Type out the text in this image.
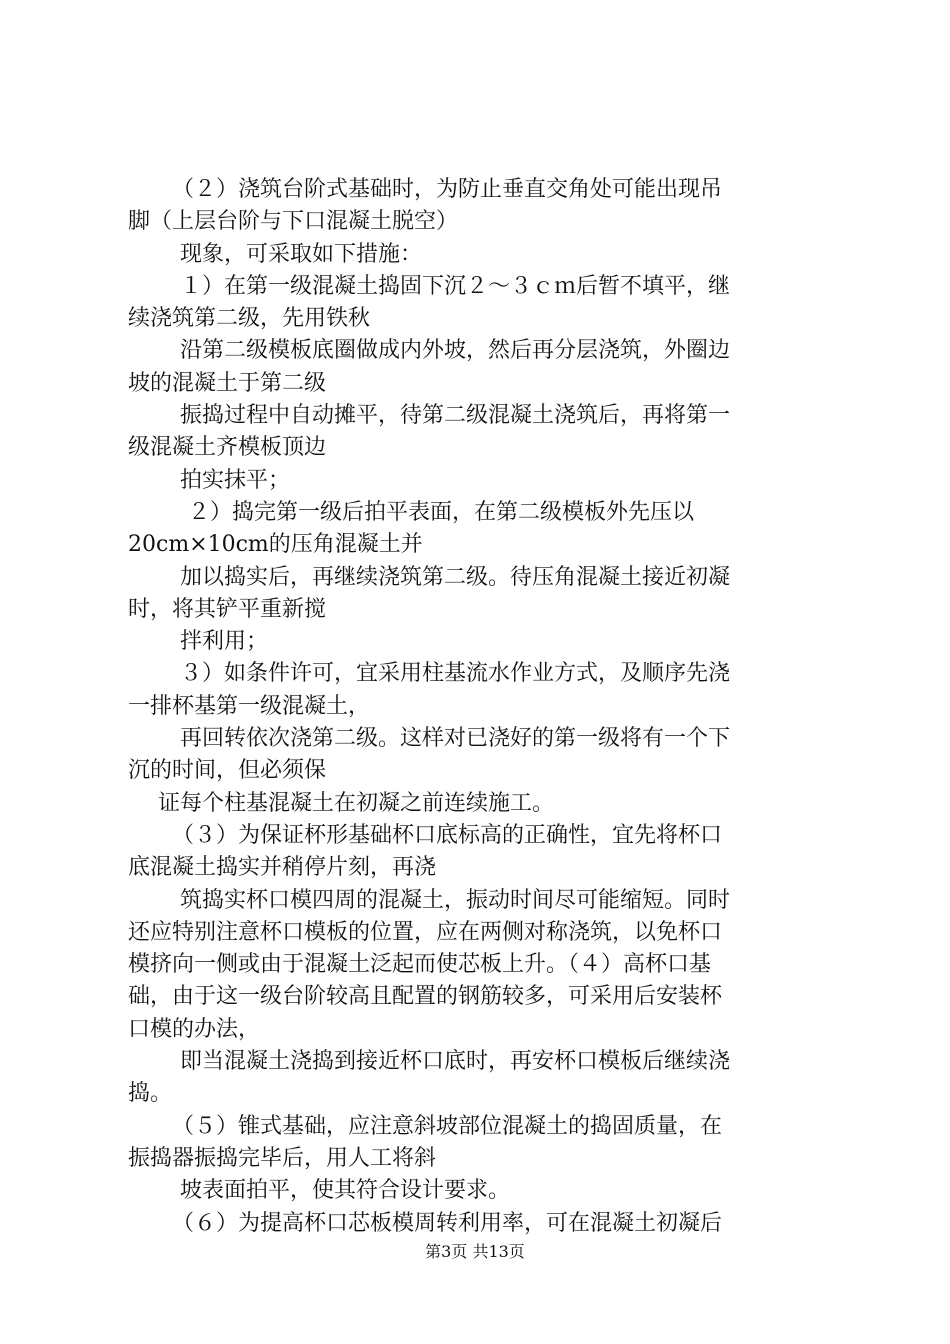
（２）浇筑台阶式基础时，为防止垂直交角处可能出现吊
脚（上层台阶与下口混凝土脱空）
现象，可采取如下措施：
１）在第一级混凝土捣固下沉２～３ｃｍ后暂不填平，继
续浇筑第二级，先用铁秋
沿第二级模板底圈做成内外坡，然后再分层浇筑，外圈边
坡的混凝土于第二级
振捣过程中自动摊平，待第二级混凝土浇筑后，再将第一
级混凝土齐模板顶边
拍实抹平；
２）捣完第一级后拍平表面，在第二级模板外先压以
20cm×10cm的压角混凝土并
加以捣实后，再继续浇筑第二级。待压角混凝土接近初凝
时，将其铲平重新搅
拌利用；
３）如条件许可，宜采用柱基流水作业方式，及顺序先浇
一排杯基第一级混凝土，
再回转依次浇第二级。这样对已浇好的第一级将有一个下
沉的时间，但必须保
证每个柱基混凝土在初凝之前连续施工。
（３）为保证杯形基础杯口底标高的正确性，宜先将杯口
底混凝土捣实并稍停片刻，再浇
筑捣实杯口模四周的混凝土，振动时间尽可能缩短。同时
还应特别注意杯口模板的位置，应在两侧对称浇筑，以免杯口
模挤向一侧或由于混凝土泛起而使芯板上升。（４）高杯口基
础，由于这一级台阶较高且配置的钢筋较多，可采用后安装杯
口模的办法，
即当混凝土浇捣到接近杯口底时，再安杯口模板后继续浇
捣。
（５）锥式基础，应注意斜坡部位混凝土的捣固质量，在
振捣器振捣完毕后，用人工将斜
坡表面拍平，使其符合设计要求。
（６）为提高杯口芯板模周转利用率，可在混凝土初凝后
第3页 共13页
